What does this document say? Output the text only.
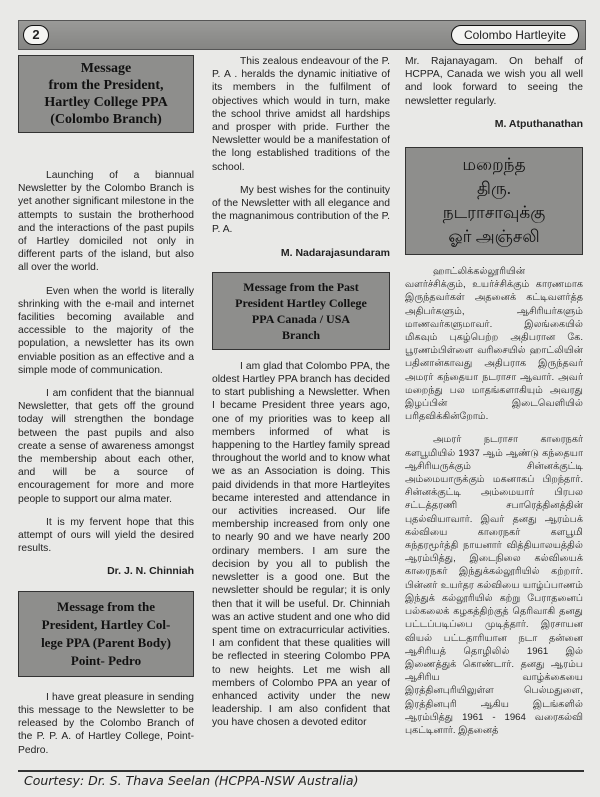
2	Colombo Hartleyite
Message
from the President,
Hartley College PPA
(Colombo Branch)

Launching of a biannual Newsletter by the Colombo Branch is yet another significant milestone in the attempts to sustain the brotherhood and the interactions of the past pupils of Hartley domiciled not only in different parts of the island, but also all over the world.

Even when the world is literally shrinking with the e-mail and internet facilities becoming available and accessible to the majority of the population, a newsletter has its own enviable position as an effective and a simple mode of communication.

I am confident that the biannual Newsletter, that gets off the ground today will strengthen the bondage between the past pupils and also create a sense of awareness amongst the membership about each other, and will be a source of encouragement for more and more people to support our alma mater.

It is my fervent hope that this attempt of ours will yield the desired results.

Dr. J. N. Chinniah
Message from the
President, Hartley Col-
lege PPA (Parent Body)
Point- Pedro

I have great pleasure in sending this message to the Newsletter to be released by the Colombo Branch of the P. P. A. of Hartley College, Point-Pedro.

This zealous endeavour of the P. P. A . heralds the dynamic initiative of its members in the fulfilment of objectives which would in turn, make the school thrive amidst all hardships and prosper with pride. Further the Newsletter would be a manifestation of the long established traditions of the school.

My best wishes for the continuity of the Newsletter with all elegance and the magnanimous contribution of the P. P. A.

M. Nadarajasundaram
Message from the Past
President Hartley College
PPA Canada / USA
Branch

I am glad that Colombo PPA, the oldest Hartley PPA branch has decided to start publishing a Newsletter. When I became President three years ago, one of my priorities was to keep all members informed of what is happening to the Hartley family spread throughout the world and to know what we as an Association is doing. This paid dividends in that more Hartleyites became interested and attendance in our activities increased. Our life membership increased from only one to nearly 90 and we have nearly 200 ordinary members. I am sure the decision by you all to publish the newsletter is a good one. But the newsletter should be regular; it is only then that it will be useful. Dr. Chinniah was an active student and one who did spent time on extracurricular activities. I am confident that these qualities will be reflected in steering Colombo PPA to new heights. Let me wish all members of Colombo PPA an year of enhanced activity under the new leadership. I am also confident that you have chosen a devoted editor

Mr. Rajanayagam. On behalf of HCPPA, Canada we wish you all well and look forward to seeing the newsletter regularly.

M. Atputhanathan
மறைந்த
திரு.
நடராசாவுக்கு
ஓர் அஞ்சலி

ஹாட்லிக்கல்லூரியின் வளர்ச்சிக்கும், உயர்ச்சிக்கும் காரணமாக இருந்தவர்கள் அதனைக் கட்டிவளர்த்த அதிபர்களும், ஆசிரியர்களும் மாணவர்களுமாவர். இலங்கையில் மிகவும் புகழ்பெற்ற அதிபரான கே. பூரணம்பிள்ளை வரிசையில் ஹாட்லியின் பதினான்காவது அதிபராக இருந்தவர் அமரர் கந்தையா நடராசா ஆவார். அவர் மறைந்து பல மாதங்களாகியும் அவரது இழப்பின் இடைவெளியில் பரிதவிக்கின்றோம்.

அமரர் நடராசா காரைநகர் களபூமியில் 1937 ஆம் ஆண்டு கந்தையா ஆசிரியருக்கும் சின்னக்குட்டி அம்மையாருக்கும் மகனாகப் பிறந்தார். சின்னக்குட்டி அம்மையார் பிரபல சட்டத்தரணி சபாரெத்தினத்தின் புதல்வியாவார். இவர் தனது ஆரம்பக் கல்வியை காரைநகர் களபூமி சுந்தரமூர்த்தி நாயனார் வித்தியாலயத்தில் ஆரம்பித்து, இடைநிலை கல்வியைக் காரைநகர் இந்துக்கல்லூரியில் கற்றார். பின்னர் உயர்தர கல்வியை யாழ்ப்பாணம் இந்துக் கல்லூரியில் கற்று பேராதனைப் பல்கலைக் கழகத்திற்குத் தெரிவாகி தனது பட்டப்படிப்பை முடித்தார். இரசாயன வியல் பட்டதாரியான நடா தன்னை ஆசிரியத் தொழிலில் 1961 இல் இணைத்துக் கொண்டார். தனது ஆரம்ப ஆசிரிய வாழ்க்கையை இரத்தினபுரியிலுள்ள பெல்மதுளை, இரத்தினபுரி ஆகிய இடங்களில் ஆரம்பித்து 1961 - 1964 வரைகல்வி புகட்டினார். இதனைத்

Courtesy: Dr. S. Thava Seelan (HCPPA-NSW Australia)
